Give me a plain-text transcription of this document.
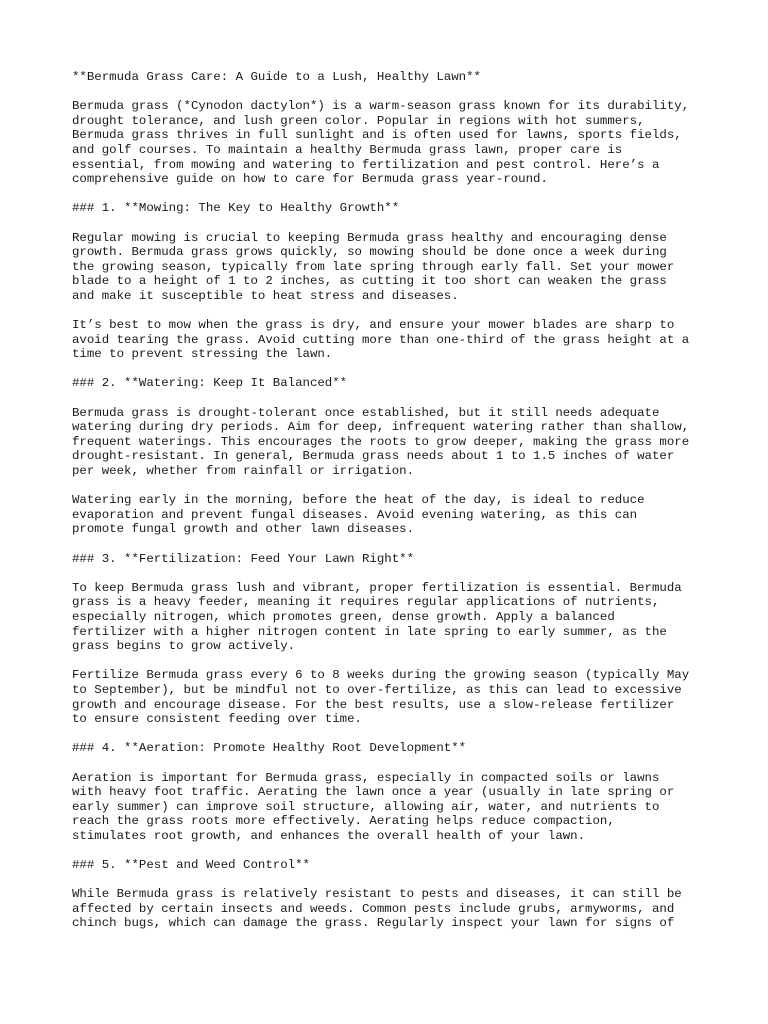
**Bermuda Grass Care: A Guide to a Lush, Healthy Lawn**
Bermuda grass (*Cynodon dactylon*) is a warm-season grass known for its durability,
drought tolerance, and lush green color. Popular in regions with hot summers,
Bermuda grass thrives in full sunlight and is often used for lawns, sports fields,
and golf courses. To maintain a healthy Bermuda grass lawn, proper care is
essential, from mowing and watering to fertilization and pest control. Here’s a
comprehensive guide on how to care for Bermuda grass year-round.
### 1. **Mowing: The Key to Healthy Growth**
Regular mowing is crucial to keeping Bermuda grass healthy and encouraging dense
growth. Bermuda grass grows quickly, so mowing should be done once a week during
the growing season, typically from late spring through early fall. Set your mower
blade to a height of 1 to 2 inches, as cutting it too short can weaken the grass
and make it susceptible to heat stress and diseases.
It’s best to mow when the grass is dry, and ensure your mower blades are sharp to
avoid tearing the grass. Avoid cutting more than one-third of the grass height at a
time to prevent stressing the lawn.
### 2. **Watering: Keep It Balanced**
Bermuda grass is drought-tolerant once established, but it still needs adequate
watering during dry periods. Aim for deep, infrequent watering rather than shallow,
frequent waterings. This encourages the roots to grow deeper, making the grass more
drought-resistant. In general, Bermuda grass needs about 1 to 1.5 inches of water
per week, whether from rainfall or irrigation.
Watering early in the morning, before the heat of the day, is ideal to reduce
evaporation and prevent fungal diseases. Avoid evening watering, as this can
promote fungal growth and other lawn diseases.
### 3. **Fertilization: Feed Your Lawn Right**
To keep Bermuda grass lush and vibrant, proper fertilization is essential. Bermuda
grass is a heavy feeder, meaning it requires regular applications of nutrients,
especially nitrogen, which promotes green, dense growth. Apply a balanced
fertilizer with a higher nitrogen content in late spring to early summer, as the
grass begins to grow actively.
Fertilize Bermuda grass every 6 to 8 weeks during the growing season (typically May
to September), but be mindful not to over-fertilize, as this can lead to excessive
growth and encourage disease. For the best results, use a slow-release fertilizer
to ensure consistent feeding over time.
### 4. **Aeration: Promote Healthy Root Development**
Aeration is important for Bermuda grass, especially in compacted soils or lawns
with heavy foot traffic. Aerating the lawn once a year (usually in late spring or
early summer) can improve soil structure, allowing air, water, and nutrients to
reach the grass roots more effectively. Aerating helps reduce compaction,
stimulates root growth, and enhances the overall health of your lawn.
### 5. **Pest and Weed Control**
While Bermuda grass is relatively resistant to pests and diseases, it can still be
affected by certain insects and weeds. Common pests include grubs, armyworms, and
chinch bugs, which can damage the grass. Regularly inspect your lawn for signs of
